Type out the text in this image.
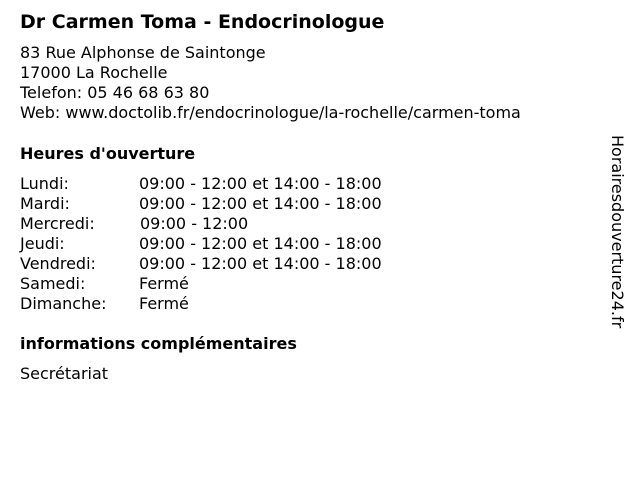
Dr Carmen Toma - Endocrinologue
83 Rue Alphonse de Saintonge
17000 La Rochelle
Telefon: 05 46 68 63 80
Web: www.doctolib.fr/endocrinologue/la-rochelle/carmen-toma
Heures d'ouverture
Lundi:	09:00 - 12:00 et 14:00 - 18:00
Mardi:	09:00 - 12:00 et 14:00 - 18:00
Mercredi:	09:00 - 12:00
Jeudi:	09:00 - 12:00 et 14:00 - 18:00
Vendredi:	09:00 - 12:00 et 14:00 - 18:00
Samedi:	Fermé
Dimanche: Fermé
informations complémentaires
Secrétariat
Horairesdouverture24.fr
